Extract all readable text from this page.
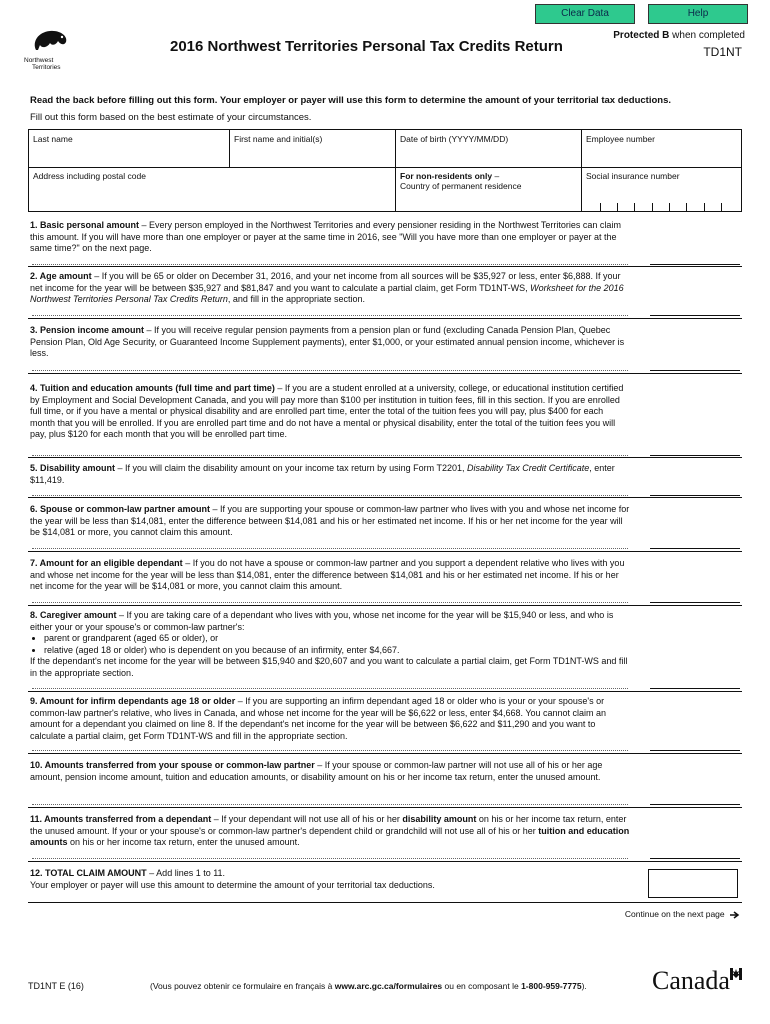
Clear Data	Help
Northwest
Territories
2016 Northwest Territories Personal Tax Credits Return
Protected B when completed
TD1NT
Read the back before filling out this form. Your employer or payer will use this form to determine the amount of your territorial tax deductions.
Fill out this form based on the best estimate of your circumstances.
Last name	First name and initial(s)	Date of birth (YYYY/MM/DD)	Employee number
Address including postal code	For non-residents only –
Country of permanent residence
Social insurance number
1. Basic personal amount – Every person employed in the Northwest Territories and every pensioner residing in the Northwest Territories can claim this amount. If you will have more than one employer or payer at the same time in 2016, see "Will you have more than one employer or payer at the same time?" on the next page.
2. Age amount – If you will be 65 or older on December 31, 2016, and your net income from all sources will be $35,927 or less, enter $6,888. If your net income for the year will be between $35,927 and $81,847 and you want to calculate a partial claim, get Form TD1NT-WS, Worksheet for the 2016 Northwest Territories Personal Tax Credits Return, and fill in the appropriate section.
3. Pension income amount – If you will receive regular pension payments from a pension plan or fund (excluding Canada Pension Plan, Quebec Pension Plan, Old Age Security, or Guaranteed Income Supplement payments), enter $1,000, or your estimated annual pension income, whichever is less.
4. Tuition and education amounts (full time and part time) – If you are a student enrolled at a university, college, or educational institution certified by Employment and Social Development Canada, and you will pay more than $100 per institution in tuition fees, fill in this section. If you are enrolled full time, or if you have a mental or physical disability and are enrolled part time, enter the total of the tuition fees you will pay, plus $400 for each month that you will be enrolled. If you are enrolled part time and do not have a mental or physical disability, enter the total of the tuition fees you will pay, plus $120 for each month that you will be enrolled part time.
5. Disability amount – If you will claim the disability amount on your income tax return by using Form T2201, Disability Tax Credit Certificate, enter $11,419.
6. Spouse or common-law partner amount – If you are supporting your spouse or common-law partner who lives with you and whose net income for the year will be less than $14,081, enter the difference between $14,081 and his or her estimated net income. If his or her net income for the year will be $14,081 or more, you cannot claim this amount.
7. Amount for an eligible dependant – If you do not have a spouse or common-law partner and you support a dependent relative who lives with you and whose net income for the year will be less than $14,081, enter the difference between $14,081 and his or her estimated net income. If his or her net income for the year will be $14,081 or more, you cannot claim this amount.
8. Caregiver amount – If you are taking care of a dependant who lives with you, whose net income for the year will be $15,940 or less, and who is either your or your spouse's or common-law partner's:
• parent or grandparent (aged 65 or older), or
• relative (aged 18 or older) who is dependent on you because of an infirmity, enter $4,667.
If the dependant's net income for the year will be between $15,940 and $20,607 and you want to calculate a partial claim, get Form TD1NT-WS and fill in the appropriate section.
9. Amount for infirm dependants age 18 or older – If you are supporting an infirm dependant aged 18 or older who is your or your spouse's or common-law partner's relative, who lives in Canada, and whose net income for the year will be $6,622 or less, enter $4,668. You cannot claim an amount for a dependant you claimed on line 8. If the dependant's net income for the year will be between $6,622 and $11,290 and you want to calculate a partial claim, get Form TD1NT-WS and fill in the appropriate section.
10. Amounts transferred from your spouse or common-law partner – If your spouse or common-law partner will not use all of his or her age amount, pension income amount, tuition and education amounts, or disability amount on his or her income tax return, enter the unused amount.
11. Amounts transferred from a dependant – If your dependant will not use all of his or her disability amount on his or her income tax return, enter the unused amount. If your or your spouse's or common-law partner's dependent child or grandchild will not use all of his or her tuition and education amounts on his or her income tax return, enter the unused amount.
12. TOTAL CLAIM AMOUNT – Add lines 1 to 11.
Your employer or payer will use this amount to determine the amount of your territorial tax deductions.
Continue on the next page
TD1NT E (16)	(Vous pouvez obtenir ce formulaire en français à www.arc.gc.ca/formulaires ou en composant le 1-800-959-7775).	Canada
